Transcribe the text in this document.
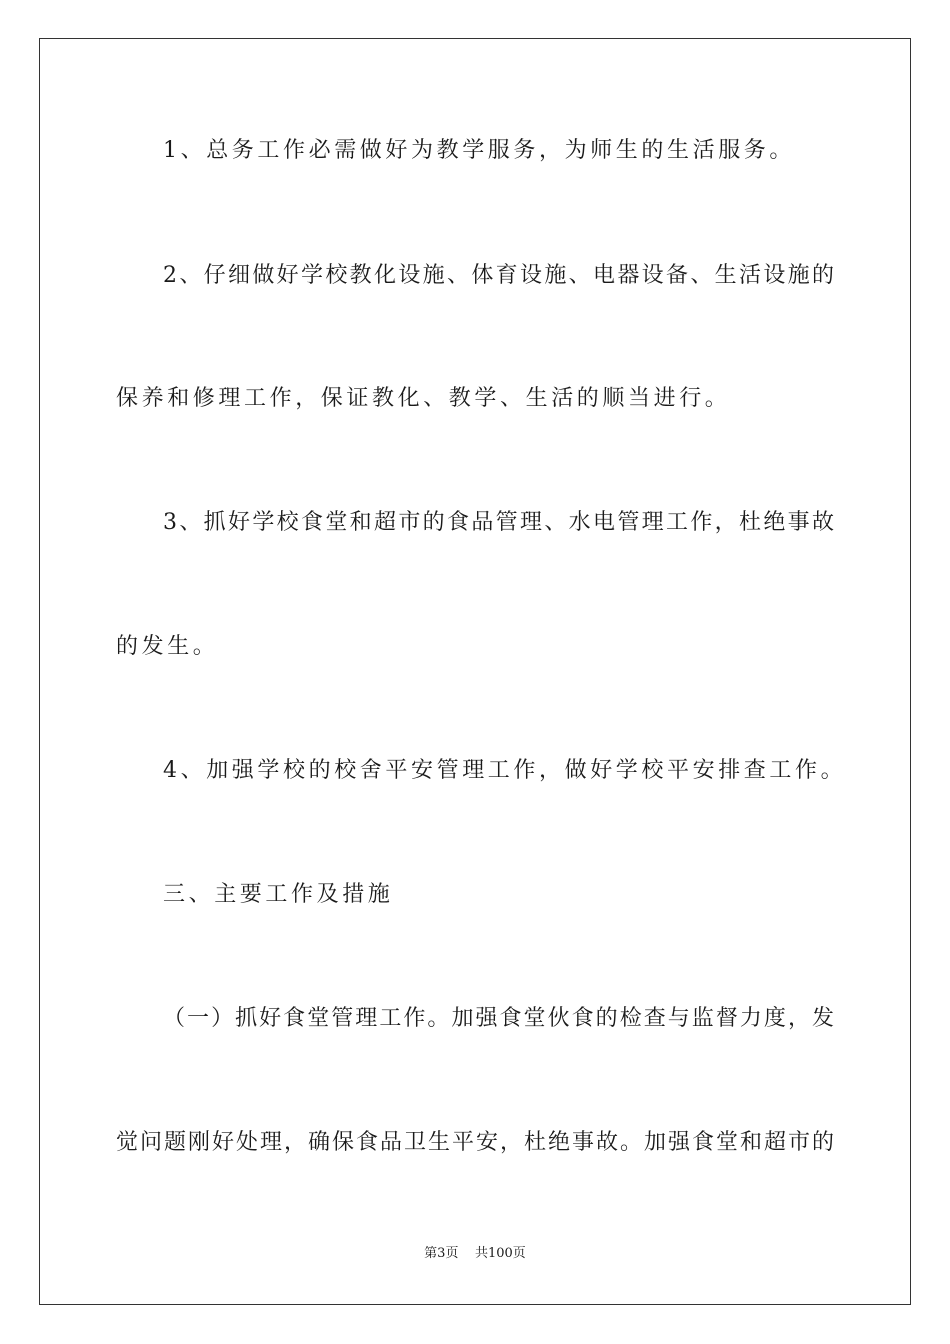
1、总务工作必需做好为教学服务，为师生的生活服务。
2、仔细做好学校教化设施、体育设施、电器设备、生活设施的
保养和修理工作，保证教化、教学、生活的顺当进行。
3、抓好学校食堂和超市的食品管理、水电管理工作，杜绝事故
的发生。
4、加强学校的校舍平安管理工作，做好学校平安排查工作。
三、主要工作及措施
（一）抓好食堂管理工作。加强食堂伙食的检查与监督力度，发
觉问题刚好处理，确保食品卫生平安，杜绝事故。加强食堂和超市的
第3页 共100页
